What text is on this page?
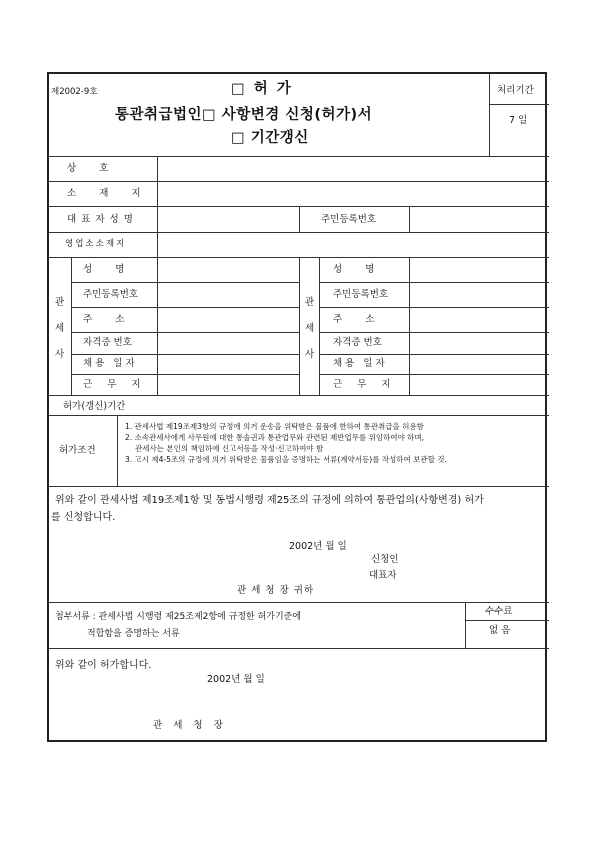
제2002-9호	□ 허 가
통관취급법인□ 사항변경 신청(허가)서
□ 기간갱신
처리기간
7 일
상 호
소 재 지
대표자성명	주민등록번호
영업소소재지
관세사
관세사
성 명
주민등록번호
주 소
자격증 번호
채용 일자
근 무 지
성 명
주민등록번호
주 소
자격증 번호
채용 일자
근 무 지
허가(갱신)기간
허가조건
1. 관세사법 제19조제3항의 규정에 의거 운송을 위탁받은 물품에 한하여 통관취급을 허용함
2. 소속관세사에게 사무원에 대한 통솔권과 통관업무와 관련된 제반업무를 위임하여야 하며,
관세사는 본인의 책임하에 신고서등을 작성·신고하여야 함
3. 고시 제4-5조의 규정에 의거 위탁받은 물품임을 증명하는 서류(계약서등)를 작성하여 보관할 것.
위와 같이 관세사법 제19조제1항 및 동법시행령 제25조의 규정에 의하여 통관업의(사항변경) 허가
를 신청합니다.
2002년 월 일
신청인
대표자
관 세 청 장 귀하
첨부서류 : 관세사법 시행령 제25조제2항에 규정한 허가기준에
적합함을 증명하는 서류
수수료
없 음
위와 같이 허가합니다.
2002년 월 일
관 세 청 장
